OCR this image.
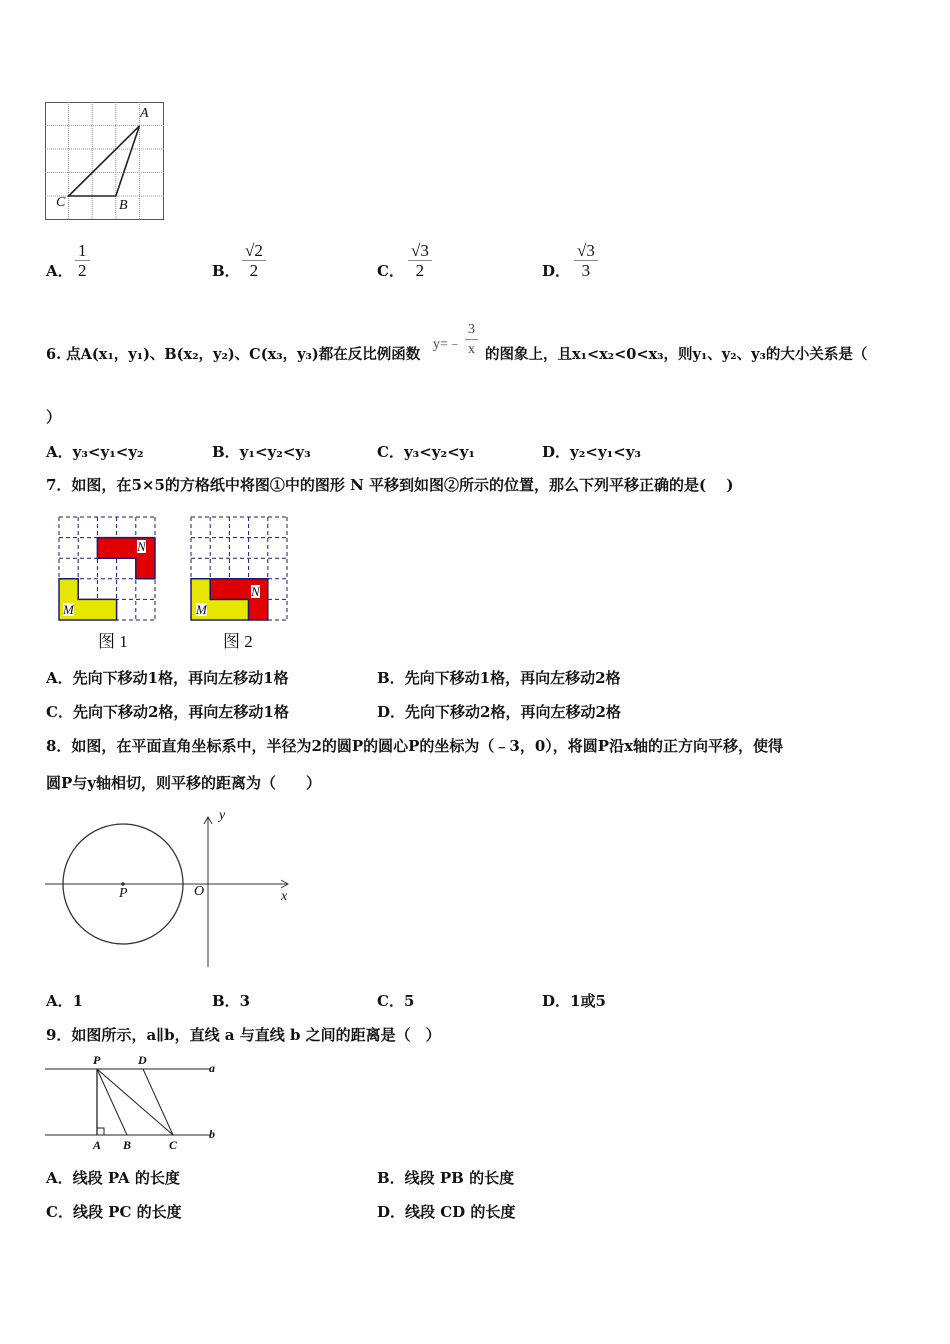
A
B
C
A． $\frac{1}{2}$	B． $\frac{√2}{2}$	C． $\frac{√3}{2}$	D． $\frac{√3}{3}$
6. 点A(x₁，y₁)、B(x₂，y₂)、C(x₃，y₃)都在反比例函数
y=﹣ $\frac{3}{x}$ 的图象上，且x₁<x₂<0<x₃，则y₁、y₂、y₃的大小关系是（
）
A．y₃<y₁<y₂	B．y₁<y₂<y₃	C．y₃<y₂<y₁	D．y₂<y₁<y₃
7．如图，在5×5的方格纸中将图①中的图形 N 平移到如图②所示的位置，那么下列平移正确的是(　 )
N
M
N
M
图 1	图 2
A．先向下移动1格，再向左移动1格	B．先向下移动1格，再向左移动2格
C．先向下移动2格，再向左移动1格	D．先向下移动2格，再向左移动2格
8．如图，在平面直角坐标系中，半径为2的圆P的圆心P的坐标为（﹣3，0），将圆P沿x轴的正方向平移，使得
圆P与y轴相切，则平移的距离为（　　）
P	O	x
y
A．1	B．3	C．5	D．1或5
9．如图所示，a∥b，直线 a 与直线 b 之间的距离是（　）
P	D
a
b
A B	C
A．线段 PA 的长度	B．线段 PB 的长度
C．线段 PC 的长度	D．线段 CD 的长度
